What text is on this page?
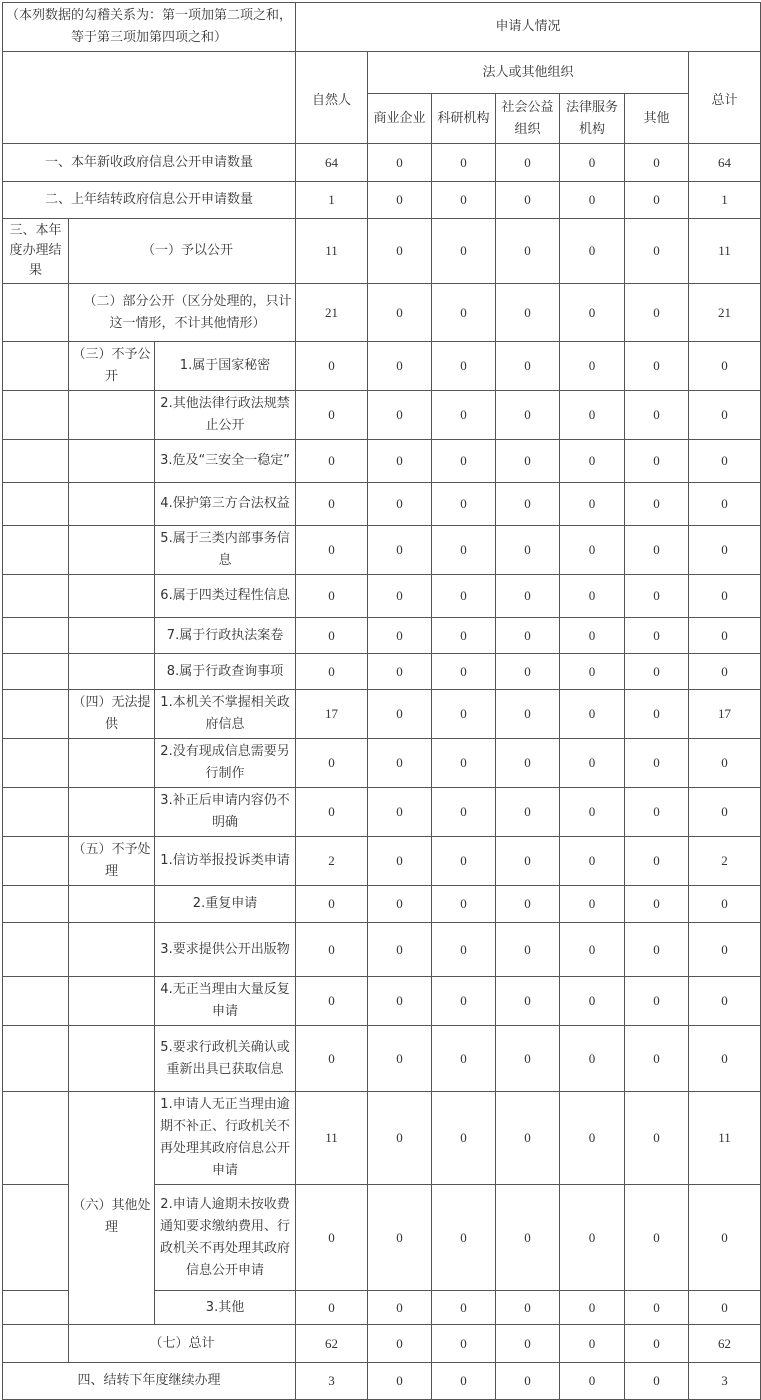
（本列数据的勾稽关系为：第一项加第二项之和，等于第三项加第四项之和）			申请人情况						
			自然人	法人或其他组织					总计
				商业企业	科研机构	社会公益组织	法律服务机构	其他	
一、本年新收政府信息公开申请数量			64	0	0	0	0	0	64
二、上年结转政府信息公开申请数量			1	0	0	0	0	0	1
三、本年度办理结果	（一）予以公开		11	0	0	0	0	0	11
	（二）部分公开（区分处理的，只计这一情形，不计其他情形）		21	0	0	0	0	0	21
	（三）不予公开	1.属于国家秘密	0	0	0	0	0	0	0
		2.其他法律行政法规禁止公开	0	0	0	0	0	0	0
		3.危及“三安全一稳定”	0	0	0	0	0	0	0
		4.保护第三方合法权益	0	0	0	0	0	0	0
		5.属于三类内部事务信息	0	0	0	0	0	0	0
		6.属于四类过程性信息	0	0	0	0	0	0	0
		7.属于行政执法案卷	0	0	0	0	0	0	0
		8.属于行政查询事项	0	0	0	0	0	0	0
	（四）无法提供	1.本机关不掌握相关政府信息	17	0	0	0	0	0	17
		2.没有现成信息需要另行制作	0	0	0	0	0	0	0
		3.补正后申请内容仍不明确	0	0	0	0	0	0	0
	（五）不予处理	1.信访举报投诉类申请	2	0	0	0	0	0	2
		2.重复申请	0	0	0	0	0	0	0
		3.要求提供公开出版物	0	0	0	0	0	0	0
		4.无正当理由大量反复申请	0	0	0	0	0	0	0
		5.要求行政机关确认或重新出具已获取信息	0	0	0	0	0	0	0
	（六）其他处理	1.申请人无正当理由逾期不补正、行政机关不再处理其政府信息公开申请	11	0	0	0	0	0	11
		2.申请人逾期未按收费通知要求缴纳费用、行政机关不再处理其政府信息公开申请	0	0	0	0	0	0	0
		3.其他	0	0	0	0	0	0	0
	（七）总计		62	0	0	0	0	0	62
四、结转下年度继续办理			3	0	0	0	0	0	3
